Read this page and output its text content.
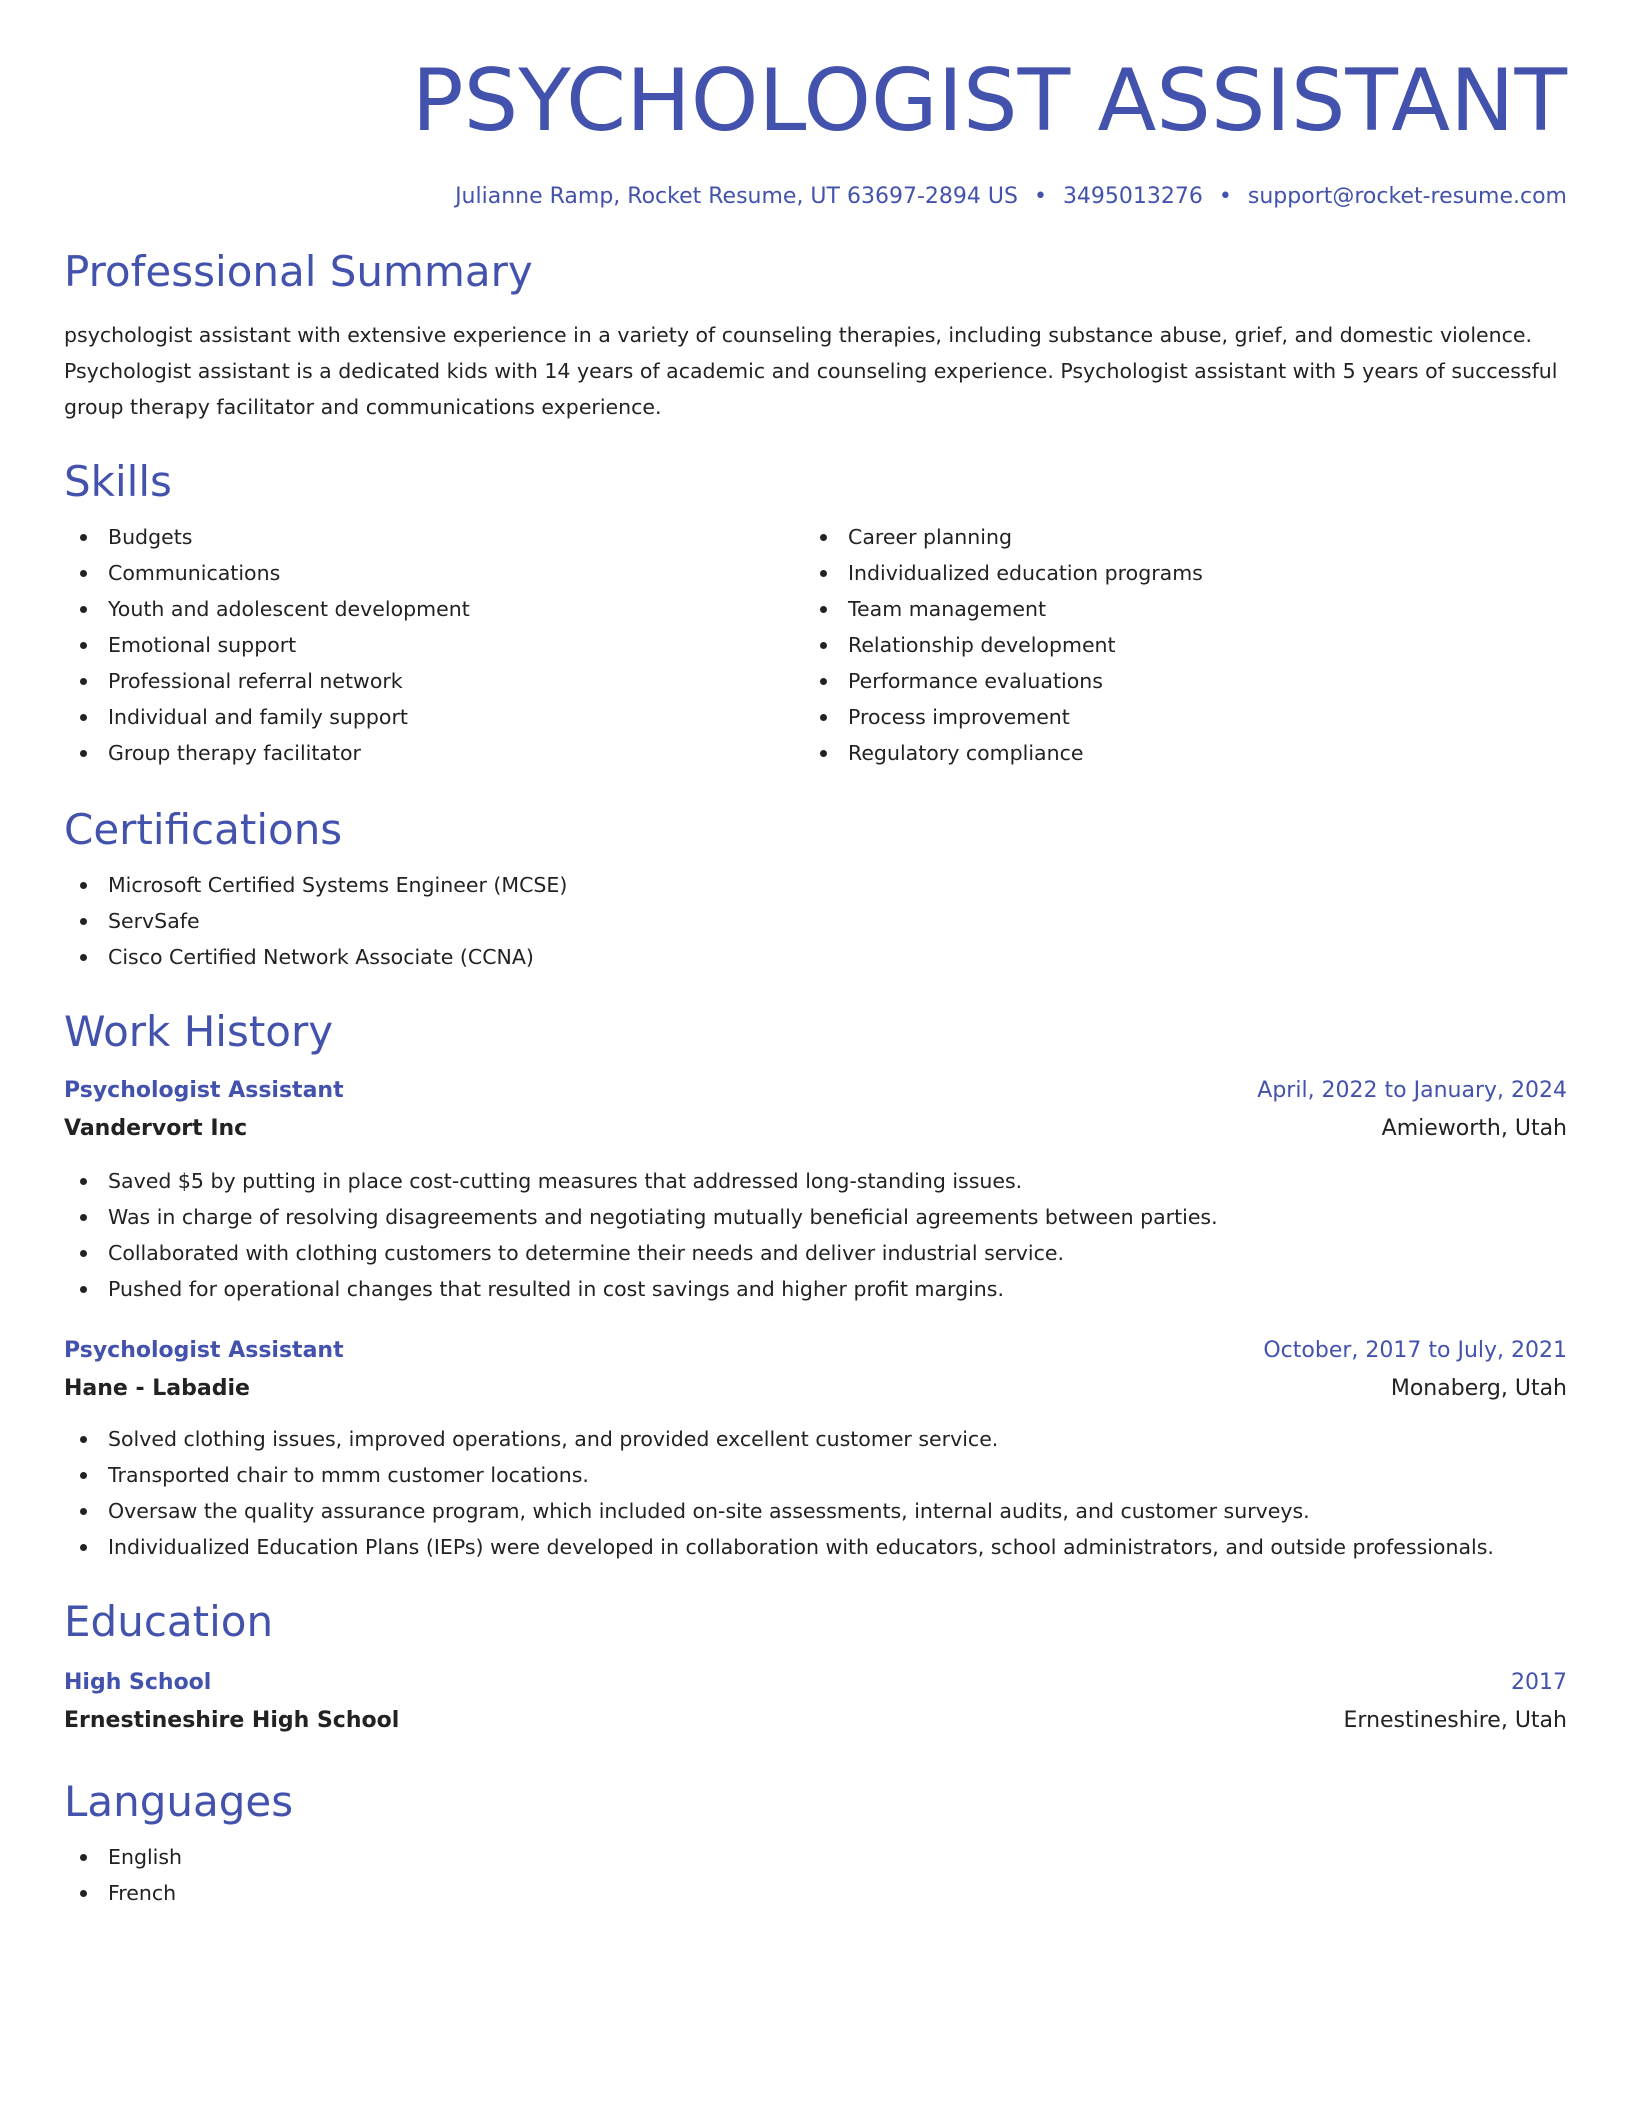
PSYCHOLOGIST ASSISTANT
Julianne Ramp, Rocket Resume, UT 63697-2894 US • 3495013276 • support@rocket-resume.com
Professional Summary

psychologist assistant with extensive experience in a variety of counseling therapies, including substance abuse, grief, and domestic violence. Psychologist assistant is a dedicated kids with 14 years of academic and counseling experience. Psychologist assistant with 5 years of successful group therapy facilitator and communications experience.

Skills
Budgets
Communications
Youth and adolescent development
Emotional support
Professional referral network
Individual and family support
Group therapy facilitator
Career planning
Individualized education programs
Team management
Relationship development
Performance evaluations
Process improvement
Regulatory compliance
Certifications
Microsoft Certified Systems Engineer (MCSE)
ServSafe
Cisco Certified Network Associate (CCNA)
Work History
Psychologist Assistant	April, 2022 to January, 2024
Vandervort Inc	Amieworth, Utah
Saved $5 by putting in place cost-cutting measures that addressed long-standing issues.
Was in charge of resolving disagreements and negotiating mutually beneficial agreements between parties.
Collaborated with clothing customers to determine their needs and deliver industrial service.
Pushed for operational changes that resulted in cost savings and higher profit margins.
Psychologist Assistant	October, 2017 to July, 2021
Hane - Labadie	Monaberg, Utah
Solved clothing issues, improved operations, and provided excellent customer service.
Transported chair to mmm customer locations.
Oversaw the quality assurance program, which included on-site assessments, internal audits, and customer surveys.
Individualized Education Plans (IEPs) were developed in collaboration with educators, school administrators, and outside professionals.
Education
High School	2017
Ernestineshire High School	Ernestineshire, Utah
Languages
English
French
